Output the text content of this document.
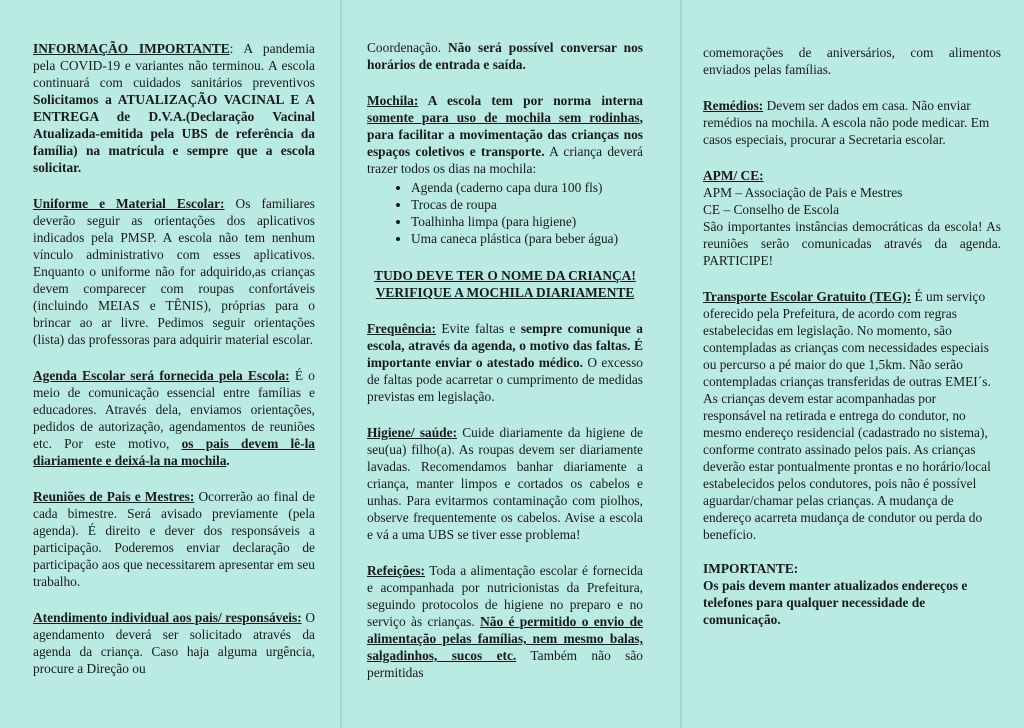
INFORMAÇÃO IMPORTANTE: A pandemia pela COVID-19 e variantes não terminou. A escola continuará com cuidados sanitários preventivos Solicitamos a ATUALIZAÇÃO VACINAL E A ENTREGA de D.V.A.(Declaração Vacinal Atualizada-emitida pela UBS de referência da família) na matrícula e sempre que a escola solicitar.

Uniforme e Material Escolar: Os familiares deverão seguir as orientações dos aplicativos indicados pela PMSP. A escola não tem nenhum vínculo administrativo com esses aplicativos. Enquanto o uniforme não for adquirido,as crianças devem comparecer com roupas confortáveis (incluindo MEIAS e TÊNIS), próprias para o brincar ao ar livre. Pedimos seguir orientações (lista) das professoras para adquirir material escolar.

Agenda Escolar será fornecida pela Escola: É o meio de comunicação essencial entre famílias e educadores. Através dela, enviamos orientações, pedidos de autorização, agendamentos de reuniões etc. Por este motivo, os pais devem lê-la diariamente e deixá-la na mochila.

Reuniões de Pais e Mestres: Ocorrerão ao final de cada bimestre. Será avisado previamente (pela agenda). É direito e dever dos responsáveis a participação. Poderemos enviar declaração de participação aos que necessitarem apresentar em seu trabalho.

Atendimento individual aos pais/ responsáveis: O agendamento deverá ser solicitado através da agenda da criança. Caso haja alguma urgência, procure a Direção ou

Coordenação. Não será possível conversar nos horários de entrada e saída.

Mochila: A escola tem por norma interna somente para uso de mochila sem rodinhas, para facilitar a movimentação das crianças nos espaços coletivos e transporte. A criança deverá trazer todos os dias na mochila:

• Agenda (caderno capa dura 100 fls)
• Trocas de roupa
• Toalhinha limpa (para higiene)
• Uma caneca plástica (para beber água)
TUDO DEVE TER O NOME DA CRIANÇA!
VERIFIQUE A MOCHILA DIARIAMENTE

Frequência: Evite faltas e sempre comunique a escola, através da agenda, o motivo das faltas. É importante enviar o atestado médico. O excesso de faltas pode acarretar o cumprimento de medidas previstas em legislação.

Higiene/ saúde: Cuide diariamente da higiene de seu(ua) filho(a). As roupas devem ser diariamente lavadas. Recomendamos banhar diariamente a criança, manter limpos e cortados os cabelos e unhas. Para evitarmos contaminação com piolhos, observe frequentemente os cabelos. Avise a escola e vá a uma UBS se tiver esse problema!

Refeições: Toda a alimentação escolar é fornecida e acompanhada por nutricionistas da Prefeitura, seguindo protocolos de higiene no preparo e no serviço às crianças. Não é permitido o envio de alimentação pelas famílias, nem mesmo balas, salgadinhos, sucos etc. Também não são permitidas

comemorações de aniversários, com alimentos enviados pelas famílias.

Remédios: Devem ser dados em casa. Não enviar remédios na mochila. A escola não pode medicar. Em casos especiais, procurar a Secretaria escolar.

APM/ CE:
APM – Associação de Pais e Mestres
CE – Conselho de Escola
São importantes instâncias democráticas da escola! As reuniões serão comunicadas através da agenda. PARTICIPE!
Transporte Escolar Gratuito (TEG): É um serviço oferecido pela Prefeitura, de acordo com regras estabelecidas em legislação. No momento, são contempladas as crianças com necessidades especiais ou percurso a pé maior do que 1,5km. Não serão contempladas crianças transferidas de outras EMEI´s.
As crianças devem estar acompanhadas por responsável na retirada e entrega do condutor, no mesmo endereço residencial (cadastrado no sistema), conforme contrato assinado pelos pais. As crianças deverão estar pontualmente prontas e no horário/local estabelecidos pelos condutores, pois não é possível aguardar/chamar pelas crianças. A mudança de endereço acarreta mudança de condutor ou perda do benefício.
IMPORTANTE:
Os pais devem manter atualizados endereços e telefones para qualquer necessidade de comunicação.
